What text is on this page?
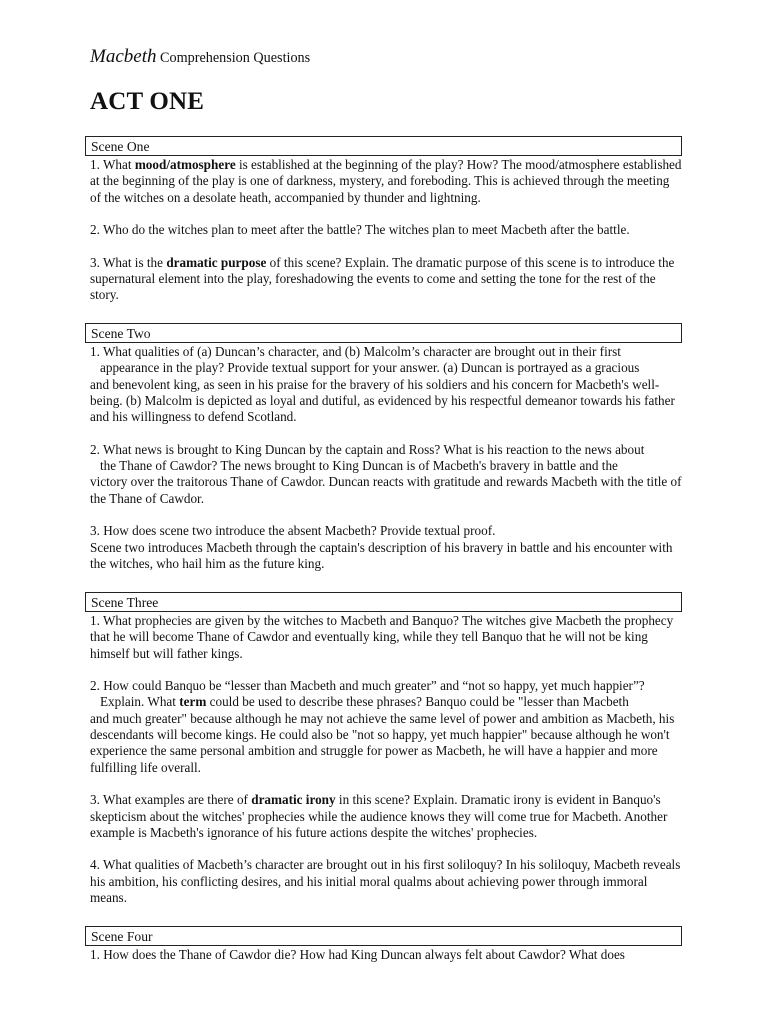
Macbeth Comprehension Questions
ACT ONE
Scene One

1. What mood/atmosphere is established at the beginning of the play? How? The mood/atmosphere established at the beginning of the play is one of darkness, mystery, and foreboding. This is achieved through the meeting of the witches on a desolate heath, accompanied by thunder and lightning.

2. Who do the witches plan to meet after the battle? The witches plan to meet Macbeth after the battle.

3. What is the dramatic purpose of this scene? Explain. The dramatic purpose of this scene is to introduce the supernatural element into the play, foreshadowing the events to come and setting the tone for the rest of the story.

Scene Two
1. What qualities of (a) Duncan’s character, and (b) Malcolm’s character are brought out in their first
appearance in the play? Provide textual support for your answer. (a) Duncan is portrayed as a gracious
and benevolent king, as seen in his praise for the bravery of his soldiers and his concern for Macbeth's well-being. (b) Malcolm is depicted as loyal and dutiful, as evidenced by his respectful demeanor towards his father and his willingness to defend Scotland.
2. What news is brought to King Duncan by the captain and Ross? What is his reaction to the news about
the Thane of Cawdor? The news brought to King Duncan is of Macbeth's bravery in battle and the
victory over the traitorous Thane of Cawdor. Duncan reacts with gratitude and rewards Macbeth with the title of the Thane of Cawdor.
3. How does scene two introduce the absent Macbeth? Provide textual proof.
Scene two introduces Macbeth through the captain's description of his bravery in battle and his encounter with the witches, who hail him as the future king.
Scene Three

1. What prophecies are given by the witches to Macbeth and Banquo? The witches give Macbeth the prophecy that he will become Thane of Cawdor and eventually king, while they tell Banquo that he will not be king himself but will father kings.

2. How could Banquo be “lesser than Macbeth and much greater” and “not so happy, yet much happier”?
Explain. What term could be used to describe these phrases? Banquo could be "lesser than Macbeth
and much greater" because although he may not achieve the same level of power and ambition as Macbeth, his descendants will become kings. He could also be "not so happy, yet much happier" because although he won't experience the same personal ambition and struggle for power as Macbeth, he will have a happier and more fulfilling life overall.

3. What examples are there of dramatic irony in this scene? Explain. Dramatic irony is evident in Banquo's skepticism about the witches' prophecies while the audience knows they will come true for Macbeth. Another example is Macbeth's ignorance of his future actions despite the witches' prophecies.

4. What qualities of Macbeth’s character are brought out in his first soliloquy? In his soliloquy, Macbeth reveals his ambition, his conflicting desires, and his initial moral qualms about achieving power through immoral means.

Scene Four

1. How does the Thane of Cawdor die? How had King Duncan always felt about Cawdor? What does
